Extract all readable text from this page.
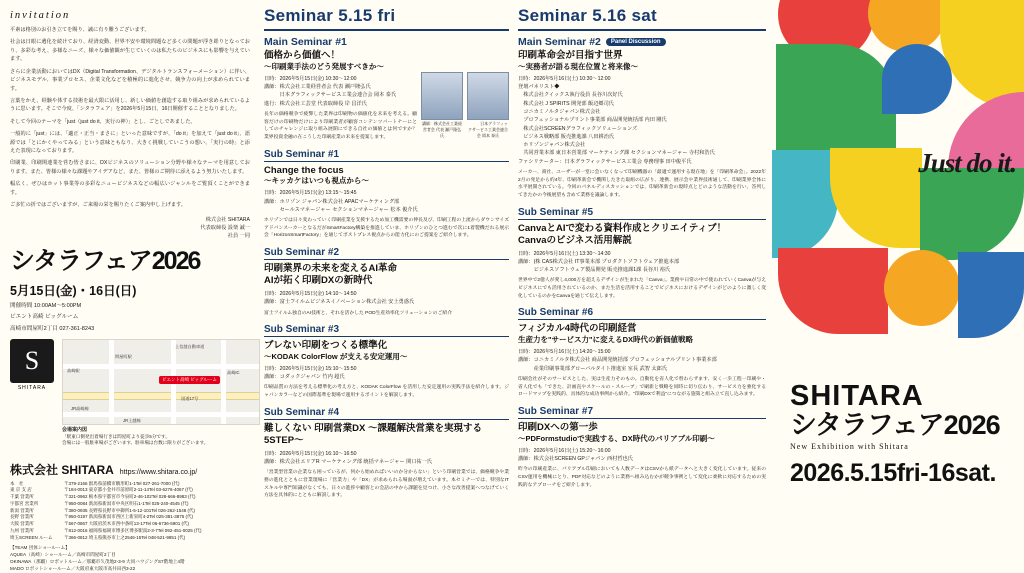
invitation

平素は格別のお引き立てを賜り、誠に有り難うございます。

社会は日眼に遺化を続けており、経済変動、世界不安や環境問題など多くの問題が浮き彫りとなっており、多彩な考え、多様なニーズ、様々な価値観が生じていくのは私たちのビジネスにも影響を与えています。

さらに企業活動においてはDX（Digital Transformation、デジタルトランスフォーメーション）に伴い、ビジネスモデル、事業プロセス、企業文化などを積極的に進化させ、競争力の向上が求められています。

言葉をかえ、経験や体する技術を最大限に活用し、新しい価値を創造する取り組みが求められているように思います。そこで今度、「シタラフェア」を2026年5月15日、16日開催することとなりました。

そして今回のテーマを「just（just do it、実行の神）」とし、ごとしであました。

一般的に「just」には、「適正・正当・まさに」といった意味ですが、「do it」を加えて「just do it」、語源では「とにかくやってみる」という意味ともなり、大きく挑戦していこうの想い、「実行の時」と添えた表現になっております。

印刷業、印刷関連業を営む皆さまに、DXビジネスのソリューション分野や様々なテーマを用意しております。また、皆様の様々な課題やアイデアなど、また、皆様のご期待に添えるよう努力いたします。

幅広く、ぜひはホット事業等の多彩なニュービジネスなどの幅広いジャンルをご覧頂くことができます。

ご多忙の折ではございますが、ご来場の栄を賜りたくご案内申し上げます。

株式会社 SHITARA
代表取締役 設楽 誠一
社員 一同
シタラフェア2026
5月15日(金)・16日(日)
開催時間 10:00AM〜5:00PM
ビエント高崎 ビッグルーム
高崎市問屋町2丁目 027-361-8243
S
SHITARA
高崎駅
問屋町駅
国道17号
上信越自動車道
高崎IC
JR高崎線
JR上越線
ビエント高崎 ビッグルーム
会場案内図
「駅東口側発出着場行きは問屋町より徒歩5分です。
会場には一般駐車場がございます。駐車場は台数に限りがございます。
株式会社 SHITARA https://www.shitara.co.jp/
本　社	〒379-2166 群馬県前橋市駒形町1-1 Tel 027-261-7000 (代)
東 京 支 店	〒184-0013 東京都小金井市前原町2-11-14 Tel 03-6276-4067 (代)
千葉 営業所	〒321-0962 栃木県宇都宮市今泉町2-46-102 Tel 028-666-8983 (代)
宇都宮 営業所	〒950-0084 新潟県新潟市中央区明石1-1 Tel 025-240-4545 (代)
新潟 営業所	〒380-0935 長野県長野市中御所1-5-12-101 Tel 026-262-1548 (代)
長野 営業所	〒950-0197 新潟県新潟市西区上新栄町4-2 Tel 025-381-3875 (代)
大阪 営業所	〒567-0867 大阪府茨木市西中条町13-17 Tel 06-6736-5901 (代)
九州 営業所	〒812-0016 福岡県福岡市博多区博多駅南2-3-7 Tel 092-451-0025 (代)
埼玉SCREEN ルーム	〒366-0812 埼玉県熊谷市上之2546-15 Tel 048-521-9851 (代)
【TEAM 団体ショールーム】
AQUEA（高崎）ショールーム／高崎市問屋町2丁目
OKINAWA（那覇）ロボットルーム／那覇市久茂地2-3-9 大同ハウジングS7階地上4階
MADO ロボットショールーム／大阪府東大阪市高井田西3-22
Seminar 5.15 fri
Main Seminar #1
価格から価値へ！
〜印刷業手法のどう発展すべきか〜
講師：株式会社工業経営者会 代表 瀬戸隆弘氏
　　　日本グラフィックサービス工業会連合会 岡本 泰氏
日時：2026年5月15日(金) 10:30〜12:00
講師：株式会社工業経営者会 代表 瀬戸隆弘氏
　　　日本グラフィックサービス工業会連合会 岡本 泰氏
進行：株式会社工芸堂 代表取締役 岸 昌洋氏
長年の価格競争で疲弊した業界は印刷物の価値化を未来を考える。顧客だけの印刷物だけにより印刷業者が顧客コンテンツパートナーにとしてのチャレンジに取り組み展開にできる自社の価値とは何ですか？業界投資金融の在こうした印刷産業の未来を提案します。
Sub Seminar #1
Change the focus
〜キッカケはいつも視点から〜
日時：2026年5月15日(金) 13:15〜15:45
講師：ホリゾン ジャパン株式会社 APACマーケティング部
　　　セールスマネージャー セクションマネージャー 松本 俊介氏
ホリゾンでは日々変わっていく印刷産業を支援するため加工機需要の伸長及び、印刷工程の上流からダウンサイズアドバンスーカーとなるだがSmartFactory構築を推進していま、ホリゾンのひとつ進むで次に1着製機だれる展示会「HorizonSmartFactory」を通じてポストプレス視点からの能力化にのご提案をご紹介します。
Sub Seminar #2
印刷業界の未来を変えるAI革命
AIが拓く印刷DXの新時代
日時：2026年5月15日(金) 14:10〜14:50
講師：富士フイルムビジネスイノベーション株式会社 安土勇惑氏
富士フイルム独自のAI技術と、それを活かした POD生産効率化ソリューションのご紹介
Sub Seminar #3
ブレない印刷をつくる標準化
〜KODAK ColorFlow が支える安定運用〜
日時：2026年5月15日(金) 15:10〜15:50
講師：コダックジャパン 竹内 超氏
印刷品質の方法を考える標準化の考え方と、KODAK ColorFlow を活用した安定運用の実践手法を紹介します。ジャパンカラーなどの国際基準を現場で運用するポイントを解説します。
Sub Seminar #4
難しくない 印刷営業DX 〜課題解決営業を実現する5STEP〜
日時：2026年5月15日(金) 16:10〜16:50
講師：株式会社エリアR マーケティング部 統括マネージャー 関口祐一氏
「営業型営業の企業なら困っているが、何から始めればいいのか分からない」という印刷営業では、価格競争や業務の進化とともに営業現場に「営業力」や「DX」が求められる場面が増えています。本セミナーでは、特別なITスキルや専門知識がなくても、日々の進捗や顧客との会話の中から課題を見つけ、小さな改善提案へつなげていく方法を具体的にとともに解説します。
Seminar 5.16 sat
Main Seminar #2	Panel Discussion
印刷革命会が目指す世界
〜実務者が語る現在位置と将来像〜
日時：2026年5月16日(土) 10:30〜12:00
登壇パネリスト◆
　株式会社クイックス執行役員 長谷川次好氏
　株式会社 J SPIRITS 開発部 飯辺郷司氏
　コニカミノルタジャパン株式会社
　プロフェッショナルプリント事業部 商品開発統括部 内田 剛氏
　株式会社SCREENグラフィックソリューションズ
　ビジネス戦略部 販売推進課 八田耕治氏
　ホリゾンジャパン株式会社
　共同営業本部 東日本営業部 マーケティング課 セクションマネージャー 寺村和浩氏
ファシリテーター：日本グラフィックサービス工業会 専務理事 田中俊平氏
メーカー、商社、ユーザーが一堂に会いなくなって印刷機器の「最適で運用する現在地」を「印刷革命会」。2022年2月の発足から約4年、印刷革新会で機関したきた取組の広がり、連携、展示会や業界技術通して、印刷業界全体に水平展開されている。今回のパネルディスカッションでは、印刷革新会の現時点とどのような活動を行い、答列してきたかの今後展望も含めて業務を議論します。
Sub Seminar #5
CanvaとAIで変わる資料作成とクリエイティブ！
Canvaのビジネス活用解説
日時：2026年5月16日(土) 13:30〜14:30
講師：(株 CAS株式会社 IT事業本部 プロダクトソフトウェア推進本部
　　　ビジネスソフトウェア製品開発 販売推進課1課 長谷川 裕氏
世界中で2億人が愛し4,000万を超えるデザインが生まれた「Canva」。業務や日常の中で使われていくCanvaが与えビジネスにでも活用されているのか、また生活を活用することでビジネスにおけるデザインがどのように激しく変化しているのかをCanvaを通じて伝えします。
Sub Seminar #6
フィジカル4時代の印刷経営
生産力を"サービス力"に変えるDX時代の新価値戦略
日時：2026年5月16日(土) 14:20〜15:00
講師：コニカミノルタ株式会社 商品開発統括部 プロフェッショナルプリント事業本部
　　　産業印刷事業部グローバルタイト推進室 室長 武智 太郎氏
印刷会社がそのサービスとした、実は生産力そのもの。自動化を省人化で替わらずます、安く一歩工程一印刷や・省人化でも「できた、計画直やスケールの・スルーブ」で刷新と戦略を同時に切り伝わり、サービス力を強化するロードマップを実践的、具体的な成功事例から紹介。"印刷DXで利益"につながる施策と組み立て直し込みます。
Sub Seminar #7
印刷DXへの第一歩
〜PDFormstudioで実践する、DX時代のバリアブル印刷〜
日時：2026年5月16日(土) 15:20〜16:00
講師：株式会社SCREEN GPジャパン 西村哲也氏
昨今の印刷産業に、バリアブル印刷においても人数データはCSVから紙データへと大きく変化しています。従来のCSV運用を機械にとり、PDF対応などのように業務へ組み込むかが競争事例として変化に柔軟に対応するための実践的なアプローチをご紹介します。
Just do it.
SHITARA
シタラフェア2026
New Exhibition with Shitara
2026.5.15fri-16sat.
